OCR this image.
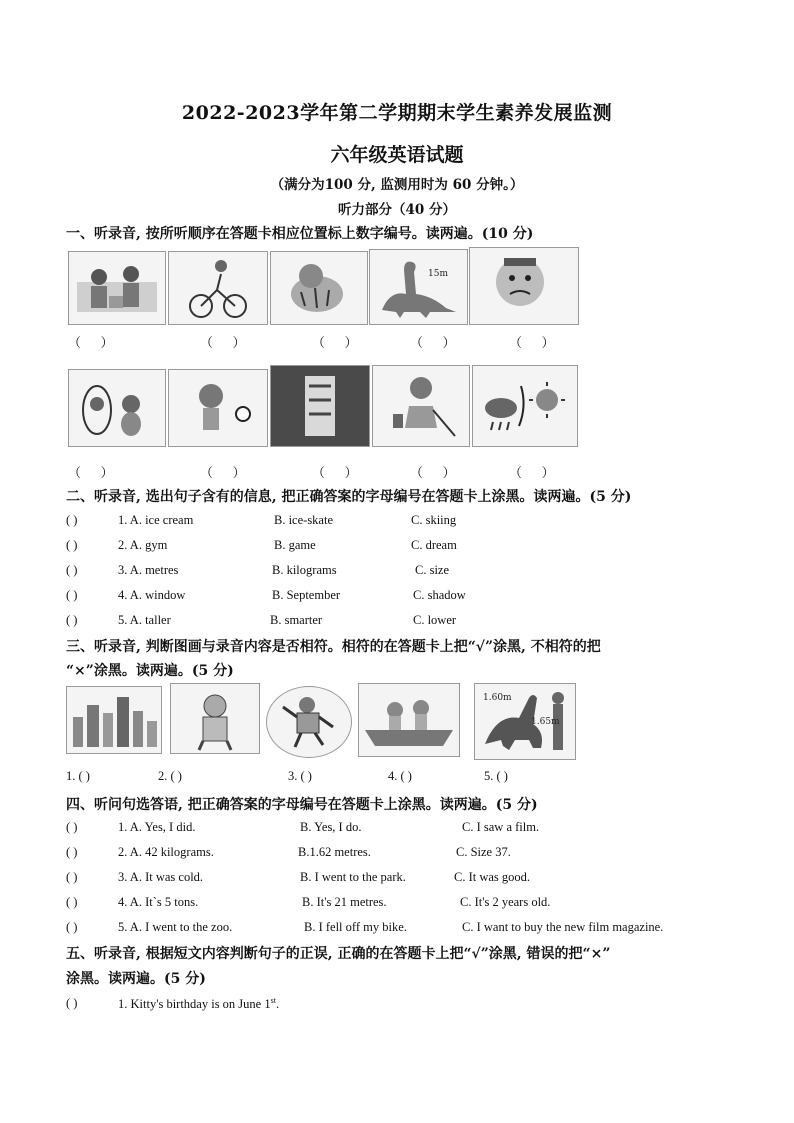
2022-2023学年第二学期期末学生素养发展监测
六年级英语试题
（满分为100 分, 监测用时为 60 分钟。）
听力部分（40 分）
一、听录音, 按所听顺序在答题卡相应位置标上数字编号。读两遍。(10 分)
15m
（      ）	（      ）	（      ）	（      ）	（      ）
（      ）	（      ）	（      ）	（      ）	（      ）
二、听录音, 选出句子含有的信息, 把正确答案的字母编号在答题卡上涂黑。读两遍。(5 分)
( )	1. A. ice cream	B. ice-skate	C. skiing
( )	2. A. gym	B. game	C. dream
( )	3. A. metres	B. kilograms	C. size
( )	4. A. window	B. September	C. shadow
( )	5. A. taller	B. smarter	C. lower
三、听录音, 判断图画与录音内容是否相符。相符的在答题卡上把“√”涂黑, 不相符的把
“×”涂黑。读两遍。(5 分)
1.60m
1.65m
1. ( )	2. ( )	3. ( )	4. ( )	5. ( )
四、听问句选答语, 把正确答案的字母编号在答题卡上涂黑。读两遍。(5 分)
( )	1. A. Yes, I did.	B. Yes, I do.	C. I saw a film.
( )	2. A. 42 kilograms.	B.1.62 metres.	C. Size 37.
( )	3. A. It was cold.	B. I went to the park.	C. It was good.
( )	4. A. It`s 5 tons.	B. It's 21 metres.	C. It's 2 years old.
( )	5. A. I went to the zoo.	B. I fell off my bike.	C. I want to buy the new film magazine.
五、听录音, 根据短文内容判断句子的正误, 正确的在答题卡上把“√”涂黑, 错误的把“×”
涂黑。读两遍。(5 分)
( )	1. Kitty's birthday is on June 1st.
